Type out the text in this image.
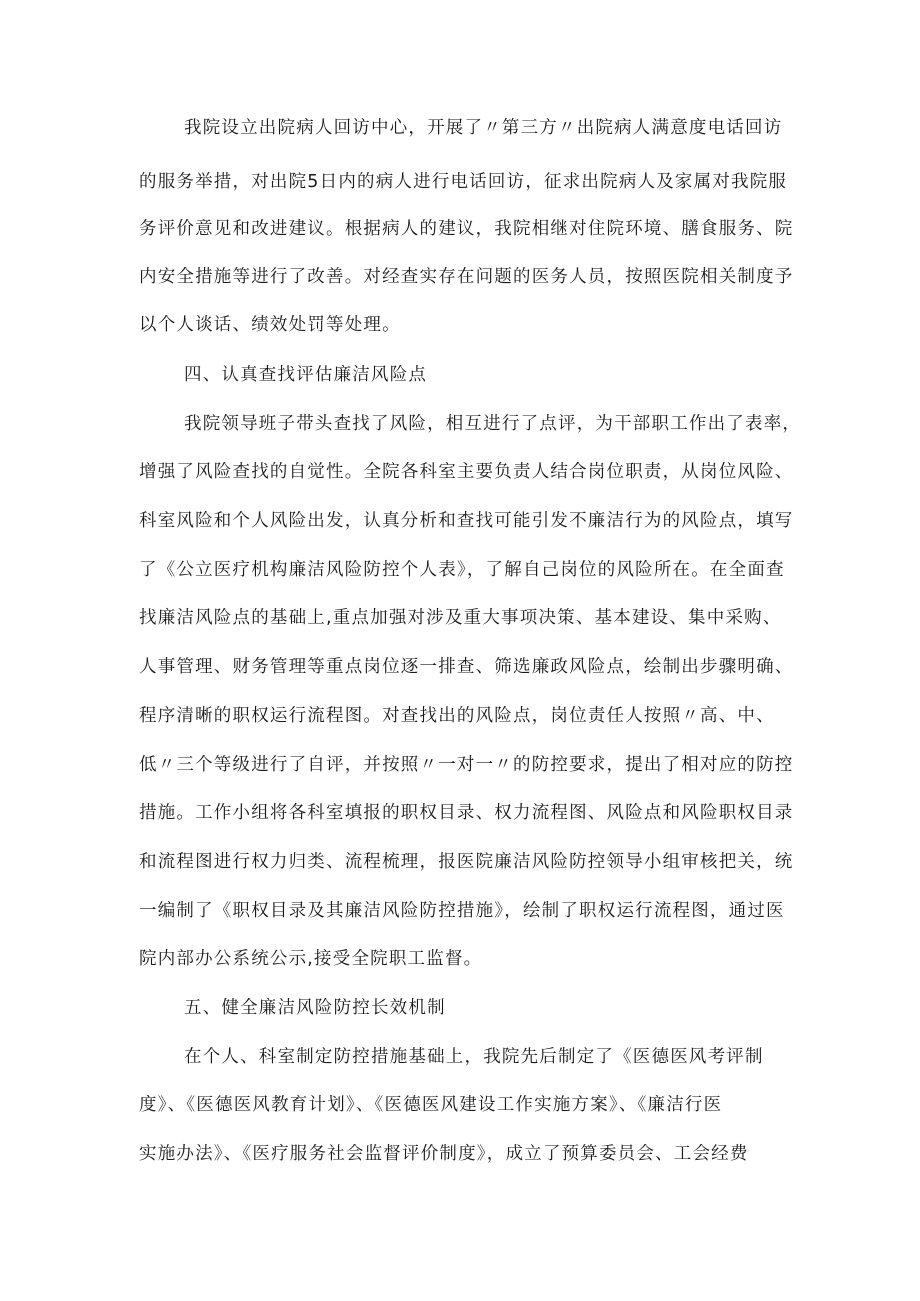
我院设立出院病人回访中心，开展了〃第三方〃出院病人满意度电话回访
的服务举措，对出院5日内的病人进行电话回访，征求出院病人及家属对我院服
务评价意见和改进建议。根据病人的建议，我院相继对住院环境、膳食服务、院
内安全措施等进行了改善。对经查实存在问题的医务人员，按照医院相关制度予
以个人谈话、绩效处罚等处理。
四、认真查找评估廉洁风险点
我院领导班子带头查找了风险，相互进行了点评，为干部职工作出了表率，
增强了风险查找的自觉性。全院各科室主要负责人结合岗位职责，从岗位风险、
科室风险和个人风险出发，认真分析和查找可能引发不廉洁行为的风险点，填写
了《公立医疗机构廉洁风险防控个人表》，了解自己岗位的风险所在。在全面查
找廉洁风险点的基础上,重点加强对涉及重大事项决策、基本建设、集中采购、
人事管理、财务管理等重点岗位逐一排查、筛选廉政风险点，绘制出步骤明确、
程序清晰的职权运行流程图。对查找出的风险点，岗位责任人按照〃高、中、
低〃三个等级进行了自评，并按照〃一对一〃的防控要求，提出了相对应的防控
措施。工作小组将各科室填报的职权目录、权力流程图、风险点和风险职权目录
和流程图进行权力归类、流程梳理，报医院廉洁风险防控领导小组审核把关，统
一编制了《职权目录及其廉洁风险防控措施》，绘制了职权运行流程图，通过医
院内部办公系统公示,接受全院职工监督。
五、健全廉洁风险防控长效机制
在个人、科室制定防控措施基础上，我院先后制定了《医德医风考评制
度》、《医德医风教育计划》、《医德医风建设工作实施方案》、《廉洁行医
实施办法》、《医疗服务社会监督评价制度》，成立了预算委员会、工会经费
